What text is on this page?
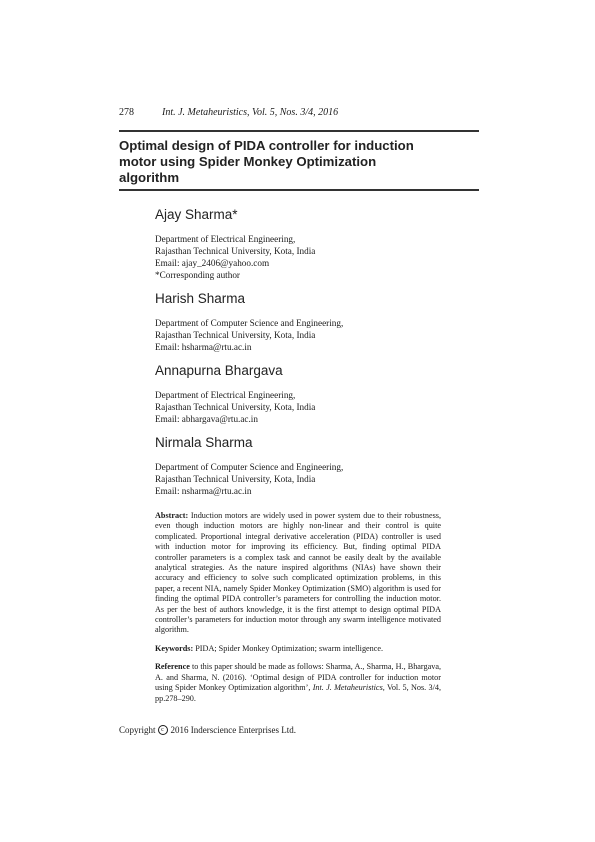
278	Int. J. Metaheuristics, Vol. 5, Nos. 3/4, 2016
Optimal design of PIDA controller for induction
motor using Spider Monkey Optimization
algorithm
Ajay Sharma*
Department of Electrical Engineering,
Rajasthan Technical University, Kota, India
Email: ajay_2406@yahoo.com
*Corresponding author
Harish Sharma
Department of Computer Science and Engineering,
Rajasthan Technical University, Kota, India
Email: hsharma@rtu.ac.in
Annapurna Bhargava
Department of Electrical Engineering,
Rajasthan Technical University, Kota, India
Email: abhargava@rtu.ac.in
Nirmala Sharma
Department of Computer Science and Engineering,
Rajasthan Technical University, Kota, India
Email: nsharma@rtu.ac.in
Abstract: Induction motors are widely used in power system due to their robustness, even though induction motors are highly non-linear and their control is quite complicated. Proportional integral derivative acceleration (PIDA) controller is used with induction motor for improving its efficiency. But, finding optimal PIDA controller parameters is a complex task and cannot be easily dealt by the available analytical strategies. As the nature inspired algorithms (NIAs) have shown their accuracy and efficiency to solve such complicated optimization problems, in this paper, a recent NIA, namely Spider Monkey Optimization (SMO) algorithm is used for finding the optimal PIDA controller’s parameters for controlling the induction motor. As per the best of authors knowledge, it is the first attempt to design optimal PIDA controller’s parameters for induction motor through any swarm intelligence motivated algorithm.
Keywords: PIDA; Spider Monkey Optimization; swarm intelligence.
Reference to this paper should be made as follows: Sharma, A., Sharma, H., Bhargava, A. and Sharma, N. (2016). ‘Optimal design of PIDA controller for induction motor using Spider Monkey Optimization algorithm’, Int. J. Metaheuristics, Vol. 5, Nos. 3/4, pp.278–290.
Copyright c 2016 Inderscience Enterprises Ltd.
